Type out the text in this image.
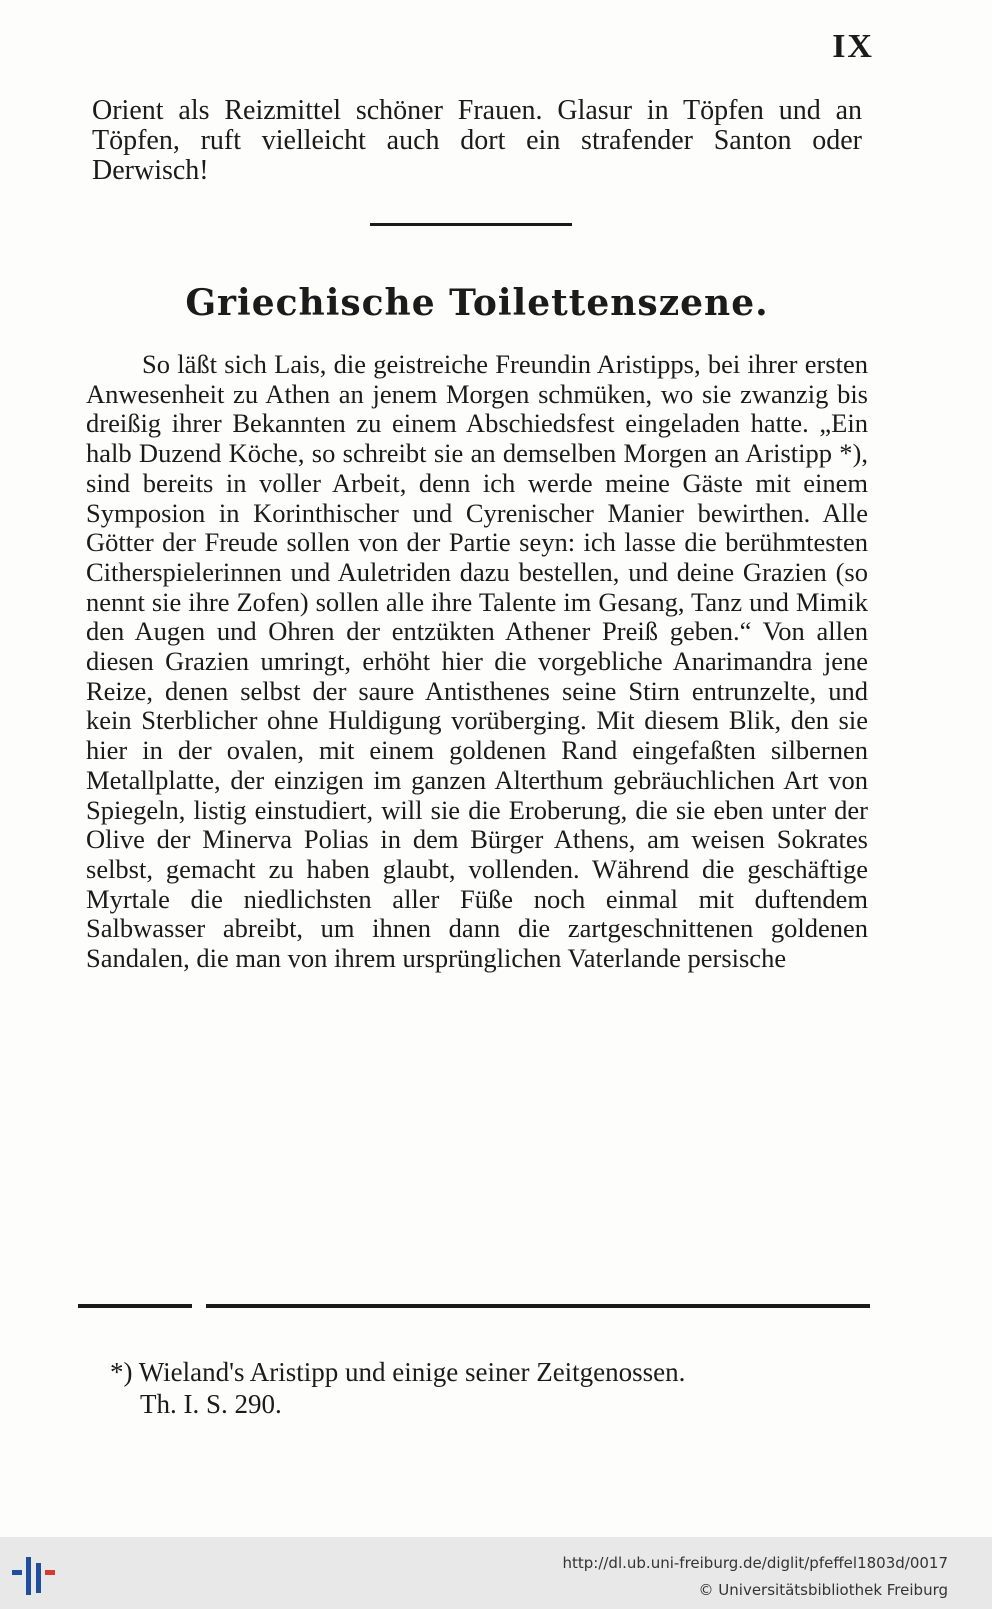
IX
Orient als Reizmittel schöner Frauen. Glasur in Töpfen und an Töpfen, ruft vielleicht auch dort ein strafender Santon oder Derwisch!
Griechische Toilettenszene.
So läßt sich Lais, die geistreiche Freundin Aristipps, bei ihrer ersten Anwesenheit zu Athen an jenem Morgen schmüken, wo sie zwanzig bis dreißig ihrer Bekannten zu einem Abschiedsfest eingeladen hatte. „Ein halb Duzend Köche, so schreibt sie an demselben Morgen an Aristipp *), sind bereits in voller Arbeit, denn ich werde meine Gäste mit einem Symposion in Korinthischer und Cyrenischer Manier bewirthen. Alle Götter der Freude sollen von der Partie seyn: ich lasse die berühmtesten Citherspielerinnen und Auletriden dazu bestellen, und deine Grazien (so nennt sie ihre Zofen) sollen alle ihre Talente im Gesang, Tanz und Mimik den Augen und Ohren der entzükten Athener Preiß geben.“ Von allen diesen Grazien umringt, erhöht hier die vorgebliche Anarimandra jene Reize, denen selbst der saure Antisthenes seine Stirn entrunzelte, und kein Sterblicher ohne Huldigung vorüberging. Mit diesem Blik, den sie hier in der ovalen, mit einem goldenen Rand eingefaßten silbernen Metallplatte, der einzigen im ganzen Alterthum gebräuchlichen Art von Spiegeln, listig einstudiert, will sie die Eroberung, die sie eben unter der Olive der Minerva Polias in dem Bürger Athens, am weisen Sokrates selbst, gemacht zu haben glaubt, vollenden. Während die geschäftige Myrtale die niedlichsten aller Füße noch einmal mit duftendem Salbwasser abreibt, um ihnen dann die zartgeschnittenen goldenen Sandalen, die man von ihrem ursprünglichen Vaterlande persische
*) Wieland's Aristipp und einige seiner Zeitgenossen.
Th. I. S. 290.
http://dl.ub.uni-freiburg.de/diglit/pfeffel1803d/0017
© Universitätsbibliothek Freiburg
